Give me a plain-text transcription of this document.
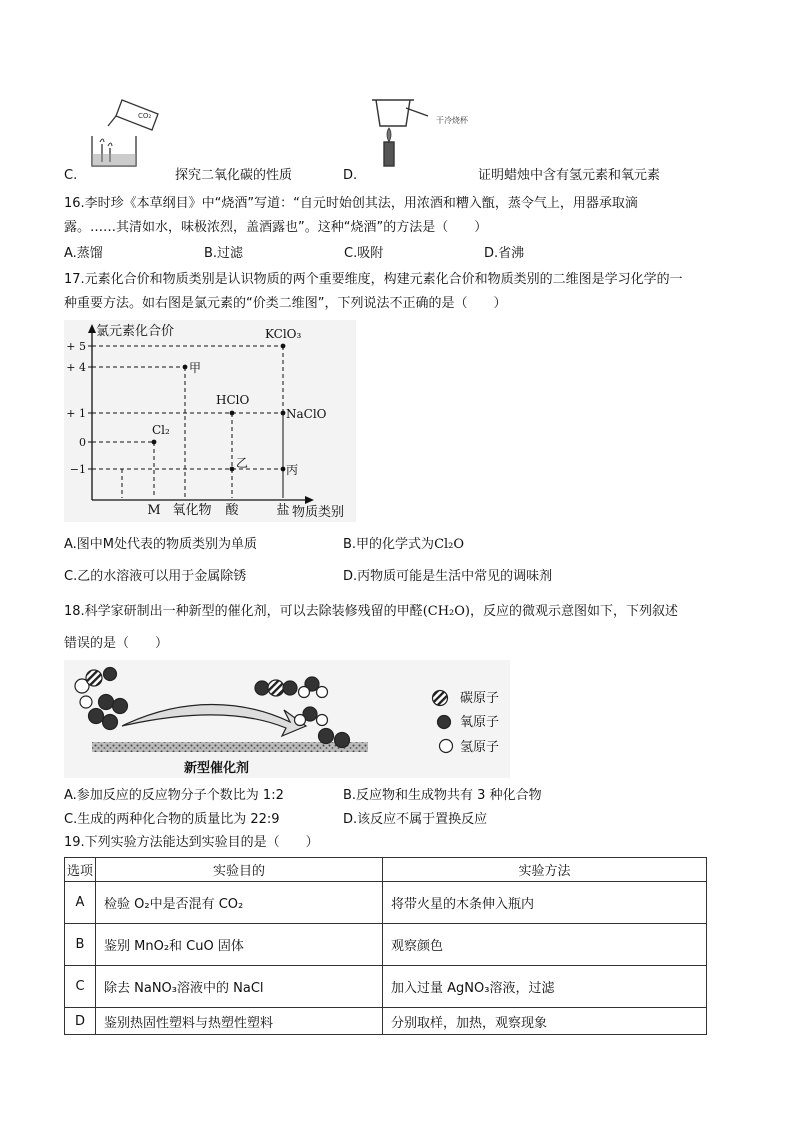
CO₂
C.	探究二氧化碳的性质
干冷烧杯
D.	证明蜡烛中含有氢元素和氧元素
16.李时珍《本草纲目》中“烧酒”写道：“自元时始创其法，用浓酒和糟入甑，蒸令气上，用器承取滴
露。……其清如水，味极浓烈，盖酒露也”。这种“烧酒”的方法是（　　）
A.蒸馏	B.过滤	C.吸附	D.省沸
17.元素化合价和物质类别是认识物质的两个重要维度，构建元素化合价和物质类别的二维图是学习化学的一
种重要方法。如右图是氯元素的“价类二维图”，下列说法不正确的是（　　）
氯元素化合价
物质类别
+ 5
+ 4
+ 1
0
−1
M 氧化物 酸	盐
Cl₂
甲
HClO
乙
KClO₃
NaClO
丙
A.图中M处代表的物质类别为单质	B.甲的化学式为Cl₂O
C.乙的水溶液可以用于金属除锈	D.丙物质可能是生活中常见的调味剂
18.科学家研制出一种新型的催化剂，可以去除装修残留的甲醛(CH₂O)，反应的微观示意图如下，下列叙述
错误的是（　　）
新型催化剂
碳原子
氧原子
氢原子
A.参加反应的反应物分子个数比为 1:2	B.反应物和生成物共有 3 种化合物
C.生成的两种化合物的质量比为 22:9	D.该反应不属于置换反应
19.下列实验方法能达到实验目的是（　　）
选项	实验目的	实验方法
A	检验 O₂中是否混有 CO₂	将带火星的木条伸入瓶内
B	鉴别 MnO₂和 CuO 固体	观察颜色
C	除去 NaNO₃溶液中的 NaCl	加入过量 AgNO₃溶液，过滤
D	鉴别热固性塑料与热塑性塑料	分别取样，加热，观察现象
